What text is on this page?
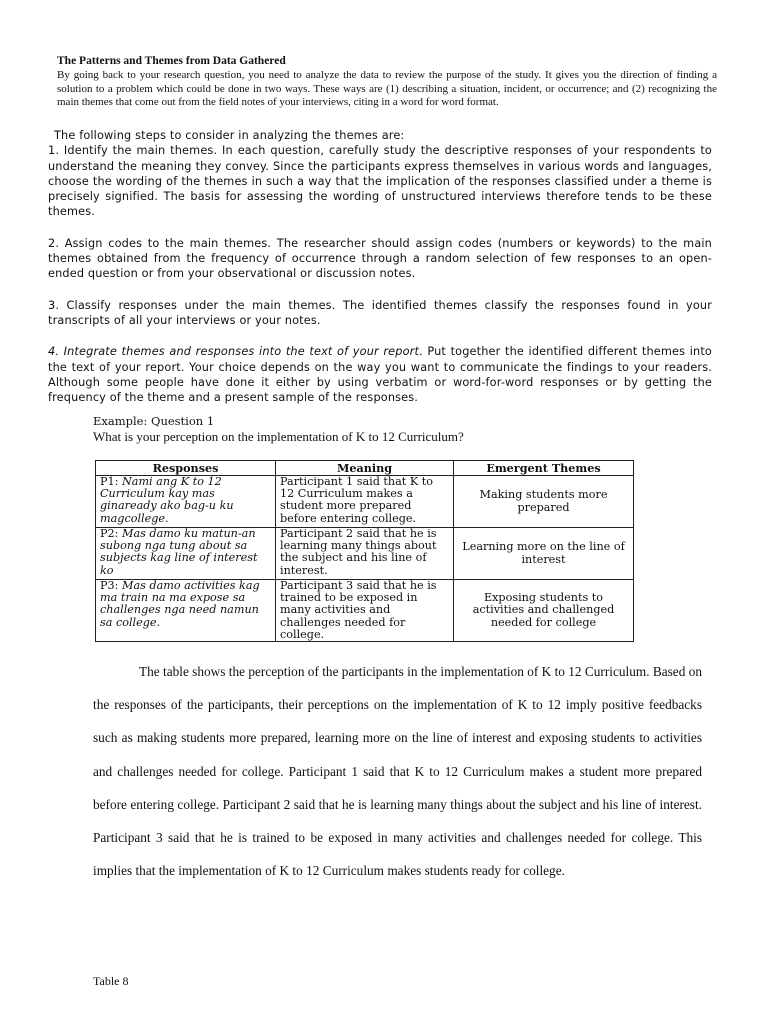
The Patterns and Themes from Data Gathered
By going back to your research question, you need to analyze the data to review the purpose of the study. It gives you the direction of finding a solution to a problem which could be done in two ways. These ways are (1) describing a situation, incident, or occurrence; and (2) recognizing the main themes that come out from the field notes of your interviews, citing in a word for word format.

The following steps to consider in analyzing the themes are:

1. Identify the main themes. In each question, carefully study the descriptive responses of your respondents to understand the meaning they convey. Since the participants express themselves in various words and languages, choose the wording of the themes in such a way that the implication of the responses classified under a theme is precisely signified. The basis for assessing the wording of unstructured interviews therefore tends to be these themes.

2. Assign codes to the main themes. The researcher should assign codes (numbers or keywords) to the main themes obtained from the frequency of occurrence through a random selection of few responses to an open-ended question or from your observational or discussion notes.

3. Classify responses under the main themes. The identified themes classify the responses found in your transcripts of all your interviews or your notes.

4. Integrate themes and responses into the text of your report. Put together the identified different themes into the text of your report. Your choice depends on the way you want to communicate the findings to your readers. Although some people have done it either by using verbatim or word-for-word responses or by getting the frequency of the theme and a present sample of the responses.

Example: Question 1
What is your perception on the implementation of K to 12 Curriculum?
Responses	Meaning	Emergent Themes
P1: Nami ang K to 12 Curriculum kay mas ginaready ako bag-u ku magcollege.	Participant 1 said that K to 12 Curriculum makes a student more prepared before entering college.	Making students more prepared
P2: Mas damo ku matun-an subong nga tung about sa subjects kag line of interest ko	Participant 2 said that he is learning many things about the subject and his line of interest.	Learning more on the line of interest
P3: Mas damo activities kag ma train na ma expose sa challenges nga need namun sa college.	Participant 3 said that he is trained to be exposed in many activities and challenges needed for college.	Exposing students to activities and challenged needed for college

The table shows the perception of the participants in the implementation of K to 12 Curriculum. Based on the responses of the participants, their perceptions on the implementation of K to 12 imply positive feedbacks such as making students more prepared, learning more on the line of interest and exposing students to activities and challenges needed for college. Participant 1 said that K to 12 Curriculum makes a student more prepared before entering college. Participant 2 said that he is learning many things about the subject and his line of interest. Participant 3 said that he is trained to be exposed in many activities and challenges needed for college. This implies that the implementation of K to 12 Curriculum makes students ready for college.

Table 8
